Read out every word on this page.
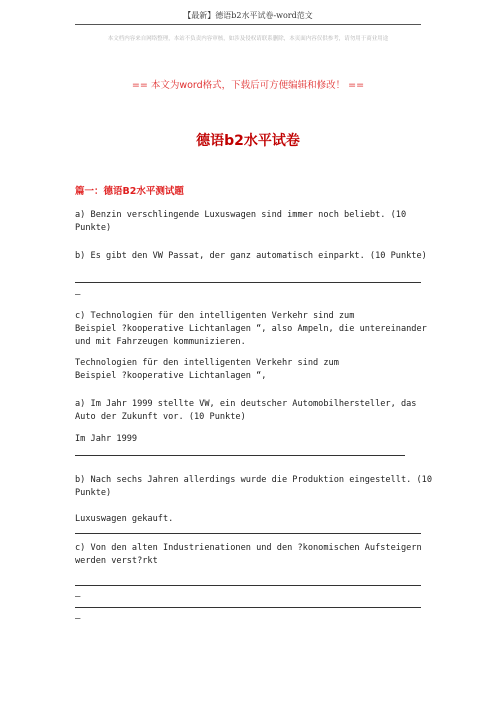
【最新】德语b2水平试卷-word范文
本文档内容来自网络整理，本站不负责内容审核，如涉及侵权请联系删除，本页面内容仅供参考，请勿用于商业用途
== 本文为word格式，下载后可方便编辑和修改！ ==
德语b2水平试卷
篇一：德语B2水平测试题
a) Benzin verschlingende Luxuswagen sind immer noch beliebt. (10
Punkte)
b) Es gibt den VW Passat, der ganz automatisch einparkt. (10 Punkte)
—
c) Technologien für den intelligenten Verkehr sind zum
Beispiel ?kooperative Lichtanlagen “, also Ampeln, die untereinander
und mit Fahrzeugen kommunizieren.
Technologien für den intelligenten Verkehr sind zum
Beispiel ?kooperative Lichtanlagen “,
a) Im Jahr 1999 stellte VW, ein deutscher Automobilhersteller, das
Auto der Zukunft vor. (10 Punkte)
Im Jahr 1999
b) Nach sechs Jahren allerdings wurde die Produktion eingestellt. (10
Punkte)
Luxuswagen gekauft.
c) Von den alten Industrienationen und den ?konomischen Aufsteigern
werden verst?rkt
—
—
